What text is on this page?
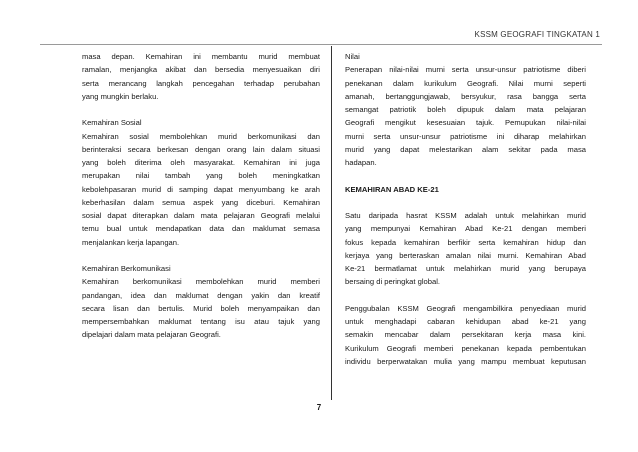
KSSM GEOGRAFI TINGKATAN 1
masa depan. Kemahiran ini membantu murid membuat
ramalan, menjangka akibat dan bersedia menyesuaikan diri
serta merancang langkah pencegahan terhadap perubahan
yang mungkin berlaku.
Kemahiran Sosial
Kemahiran sosial membolehkan murid berkomunikasi dan
berinteraksi secara berkesan dengan orang lain dalam situasi
yang boleh diterima oleh masyarakat. Kemahiran ini juga
merupakan nilai tambah yang boleh meningkatkan
kebolehpasaran murid di samping dapat menyumbang ke arah
keberhasilan dalam semua aspek yang diceburi. Kemahiran
sosial dapat diterapkan dalam mata pelajaran Geografi melalui
temu bual untuk mendapatkan data dan maklumat semasa
menjalankan kerja lapangan.
Kemahiran Berkomunikasi
Kemahiran berkomunikasi membolehkan murid memberi
pandangan, idea dan maklumat dengan yakin dan kreatif
secara lisan dan bertulis. Murid boleh menyampaikan dan
mempersembahkan maklumat tentang isu atau tajuk yang
dipelajari dalam mata pelajaran Geografi.
Nilai
Penerapan nilai-nilai murni serta unsur-unsur patriotisme diberi
penekanan dalam kurikulum Geografi. Nilai murni seperti
amanah, bertanggungjawab, bersyukur, rasa bangga serta
semangat patriotik boleh dipupuk dalam mata pelajaran
Geografi mengikut kesesuaian tajuk. Pemupukan nilai-nilai
murni serta unsur-unsur patriotisme ini diharap melahirkan
murid yang dapat melestarikan alam sekitar pada masa
hadapan.
KEMAHIRAN ABAD KE-21
Satu daripada hasrat KSSM adalah untuk melahirkan murid
yang mempunyai Kemahiran Abad Ke-21 dengan memberi
fokus kepada kemahiran berfikir serta kemahiran hidup dan
kerjaya yang berteraskan amalan nilai murni. Kemahiran Abad
Ke-21 bermatlamat untuk melahirkan murid yang berupaya
bersaing di peringkat global.
Penggubalan KSSM Geografi mengambilkira penyediaan murid
untuk menghadapi cabaran kehidupan abad ke-21 yang
semakin mencabar dalam persekitaran kerja masa kini.
Kurikulum Geografi memberi penekanan kepada pembentukan
individu berperwatakan mulia yang mampu membuat keputusan
7
